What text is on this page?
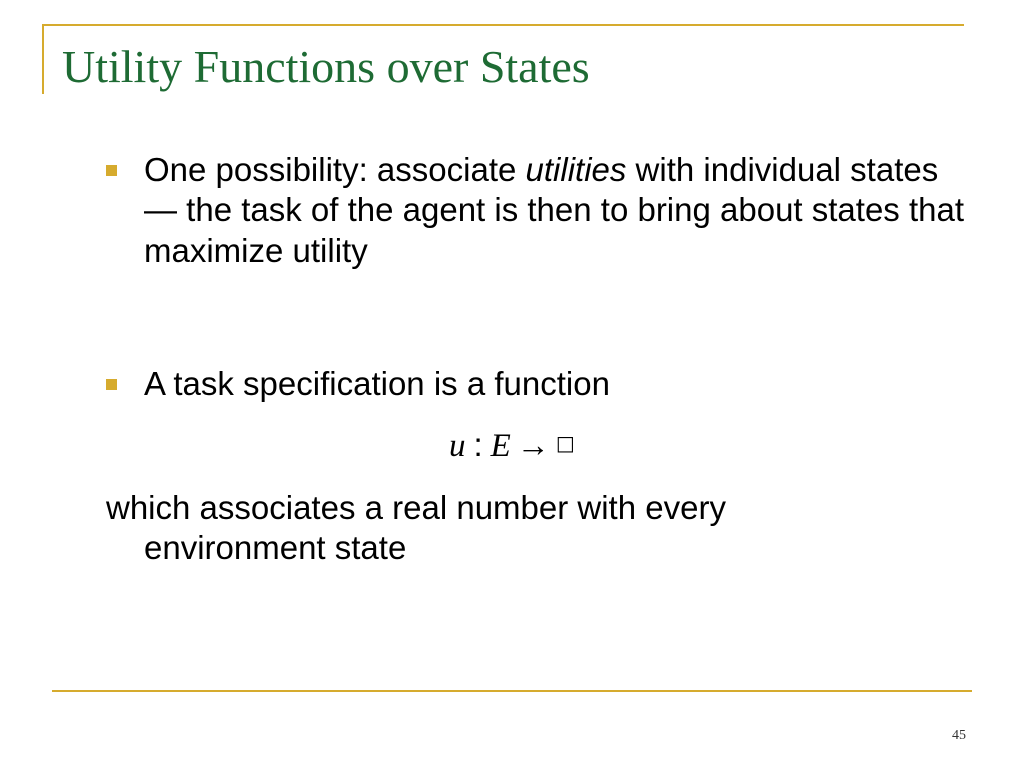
Utility Functions over States
One possibility: associate utilities with individual states — the task of the agent is then to bring about states that maximize utility
A task specification is a function
u : E → □
which associates a real number with every
environment state
45
